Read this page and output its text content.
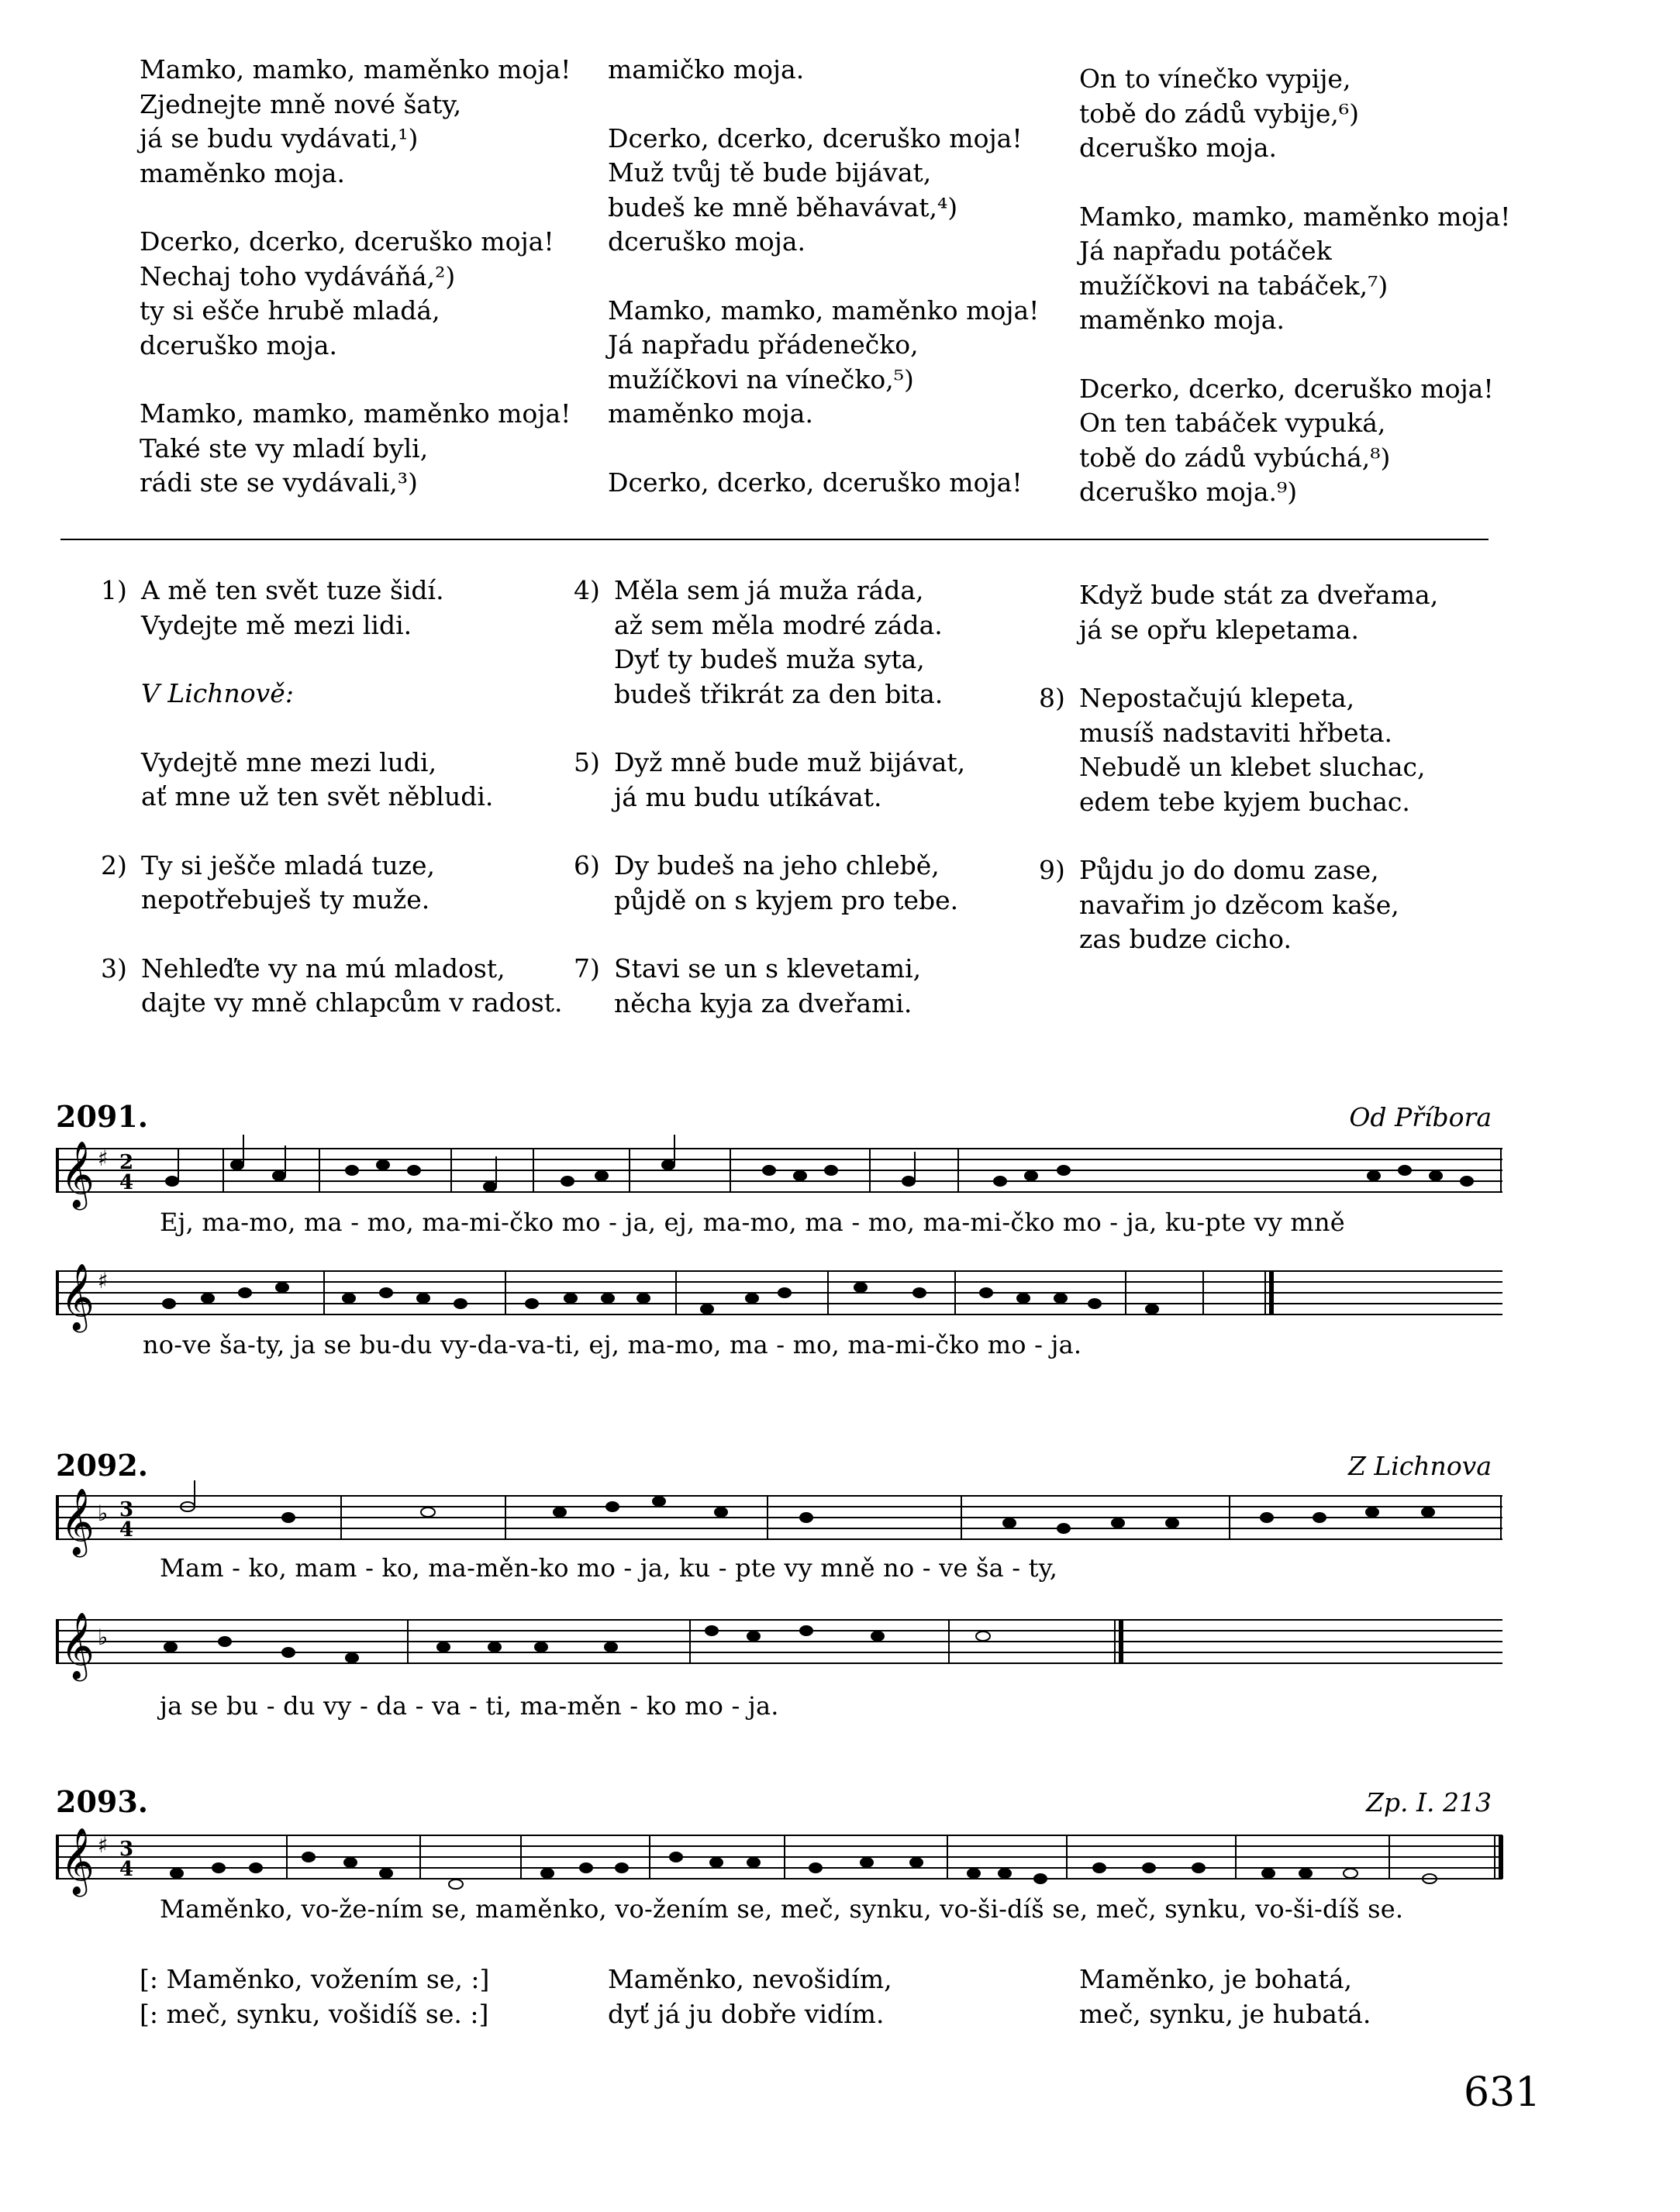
Mamko, mamko, maměnko moja!
Zjednejte mně nové šaty,
já se budu vydávati,¹)
maměnko moja.
Dcerko, dcerko, dceruško moja!
Nechaj toho vydáváňá,²)
ty si ešče hrubě mladá,
dceruško moja.
Mamko, mamko, maměnko moja!
Také ste vy mladí byli,
rádi ste se vydávali,³)
mamičko moja.
Dcerko, dcerko, dceruško moja!
Muž tvůj tě bude bijávat,
budeš ke mně běhavávat,⁴)
dceruško moja.
Mamko, mamko, maměnko moja!
Já napřadu přádenečko,
mužíčkovi na vínečko,⁵)
maměnko moja.
Dcerko, dcerko, dceruško moja!
On to vínečko vypije,
tobě do zádů vybije,⁶)
dceruško moja.
Mamko, mamko, maměnko moja!
Já napřadu potáček
mužíčkovi na tabáček,⁷)
maměnko moja.
Dcerko, dcerko, dceruško moja!
On ten tabáček vypuká,
tobě do zádů vybúchá,⁸)
dceruško moja.⁹)
1) A mě ten svět tuze šidí.
Vydejte mě mezi lidi.
V Lichnově:
Vydejtě mne mezi ludi,
ať mne už ten svět něbludi.
2) Ty si ješče mladá tuze,
nepotřebuješ ty muže.
3) Nehleďte vy na mú mladost,
dajte vy mně chlapcům v radost.
4) Měla sem já muža ráda,
až sem měla modré záda.
Dyť ty budeš muža syta,
budeš třikrát za den bita.
5) Dyž mně bude muž bijávat,
já mu budu utíkávat.
6) Dy budeš na jeho chlebě,
půjdě on s kyjem pro tebe.
7) Stavi se un s klevetami,
něcha kyja za dveřami.
Když bude stát za dveřama,
já se opřu klepetama.
8) Nepostačujú klepeta,
musíš nadstaviti hřbeta.
Nebudě un klebet sluchac,
edem tebe kyjem buchac.
9) Půjdu jo do domu zase,
navařim jo dzěcom kaše,
zas budze cicho.
2091.	Od Příbora
𝄞 ♯ 2
4
Ej, ma-mo, ma - mo, ma-mi-čko mo - ja, ej, ma-mo, ma - mo, ma-mi-čko mo - ja, ku-pte vy mně
𝄞 ♯
no-ve ša-ty, ja se bu-du vy-da-va-ti, ej, ma-mo, ma - mo, ma-mi-čko mo - ja.
2092.	Z Lichnova
𝄞 ♭ 3
4
Mam - ko, mam - ko, ma-měn-ko mo - ja, ku - pte vy mně no - ve ša - ty,
𝄞 ♭
ja se bu - du vy - da - va - ti, ma-měn - ko mo - ja.
2093.	Zp. I. 213
𝄞 ♯ 3
4
Maměnko, vo-že-ním se, maměnko, vo-žením se, meč, synku, vo-ši-díš se, meč, synku, vo-ši-díš se.
[: Maměnko, vožením se, :]
[: meč, synku, vošidíš se. :]
Maměnko, nevošidím,
dyť já ju dobře vidím.
Maměnko, je bohatá,
meč, synku, je hubatá.
631
